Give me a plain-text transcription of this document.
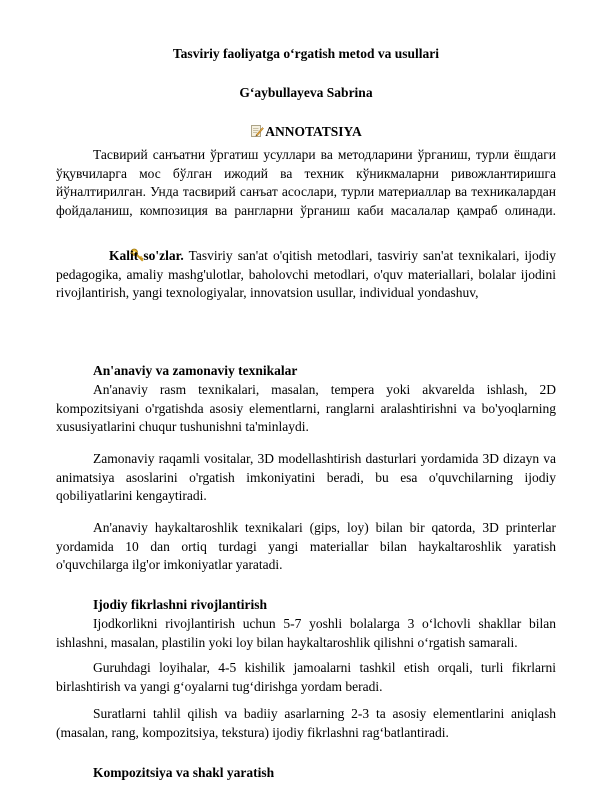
Tasviriy faoliyatga o‘rgatish metod va usullari
G‘aybullayeva Sabrina
ANNOTATSIYA
Тасвирий санъатни ўргатиш усуллари ва методларини ўрганиш, турли ёшдаги ўқувчиларга мос бўлган ижодий ва техник кўникмаларни ривожлантиришга йўналтирилган. Унда тасвирий санъат асослари, турли материаллар ва техникалардан фойдаланиш, композиция ва рангларни ўрганиш каби масалалар қамраб олинади.
Kalit so'zlar. Tasviriy san'at o'qitish metodlari, tasviriy san'at texnikalari, ijodiy pedagogika, amaliy mashg'ulotlar, baholovchi metodlari, o'quv materiallari, bolalar ijodini rivojlantirish, yangi texnologiyalar, innovatsion usullar, individual yondashuv,
An'anaviy va zamonaviy texnikalar
An'anaviy rasm texnikalari, masalan, tempera yoki akvarelda ishlash, 2D kompozitsiyani o'rgatishda asosiy elementlarni, ranglarni aralashtirishni va bo'yoqlarning xususiyatlarini chuqur tushunishni ta'minlaydi.
Zamonaviy raqamli vositalar, 3D modellashtirish dasturlari yordamida 3D dizayn va animatsiya asoslarini o'rgatish imkoniyatini beradi, bu esa o'quvchilarning ijodiy qobiliyatlarini kengaytiradi.
An'anaviy haykaltaroshlik texnikalari (gips, loy) bilan bir qatorda, 3D printerlar yordamida 10 dan ortiq turdagi yangi materiallar bilan haykaltaroshlik yaratish o'quvchilarga ilg'or imkoniyatlar yaratadi.
Ijodiy fikrlashni rivojlantirish
Ijodkorlikni rivojlantirish uchun 5-7 yoshli bolalarga 3 o‘lchovli shakllar bilan ishlashni, masalan, plastilin yoki loy bilan haykaltaroshlik qilishni o‘rgatish samarali.
Guruhdagi loyihalar, 4-5 kishilik jamoalarni tashkil etish orqali, turli fikrlarni birlashtirish va yangi g‘oyalarni tug‘dirishga yordam beradi.
Suratlarni tahlil qilish va badiiy asarlarning 2-3 ta asosiy elementlarini aniqlash (masalan, rang, kompozitsiya, tekstura) ijodiy fikrlashni rag‘batlantiradi.
Kompozitsiya va shakl yaratish
